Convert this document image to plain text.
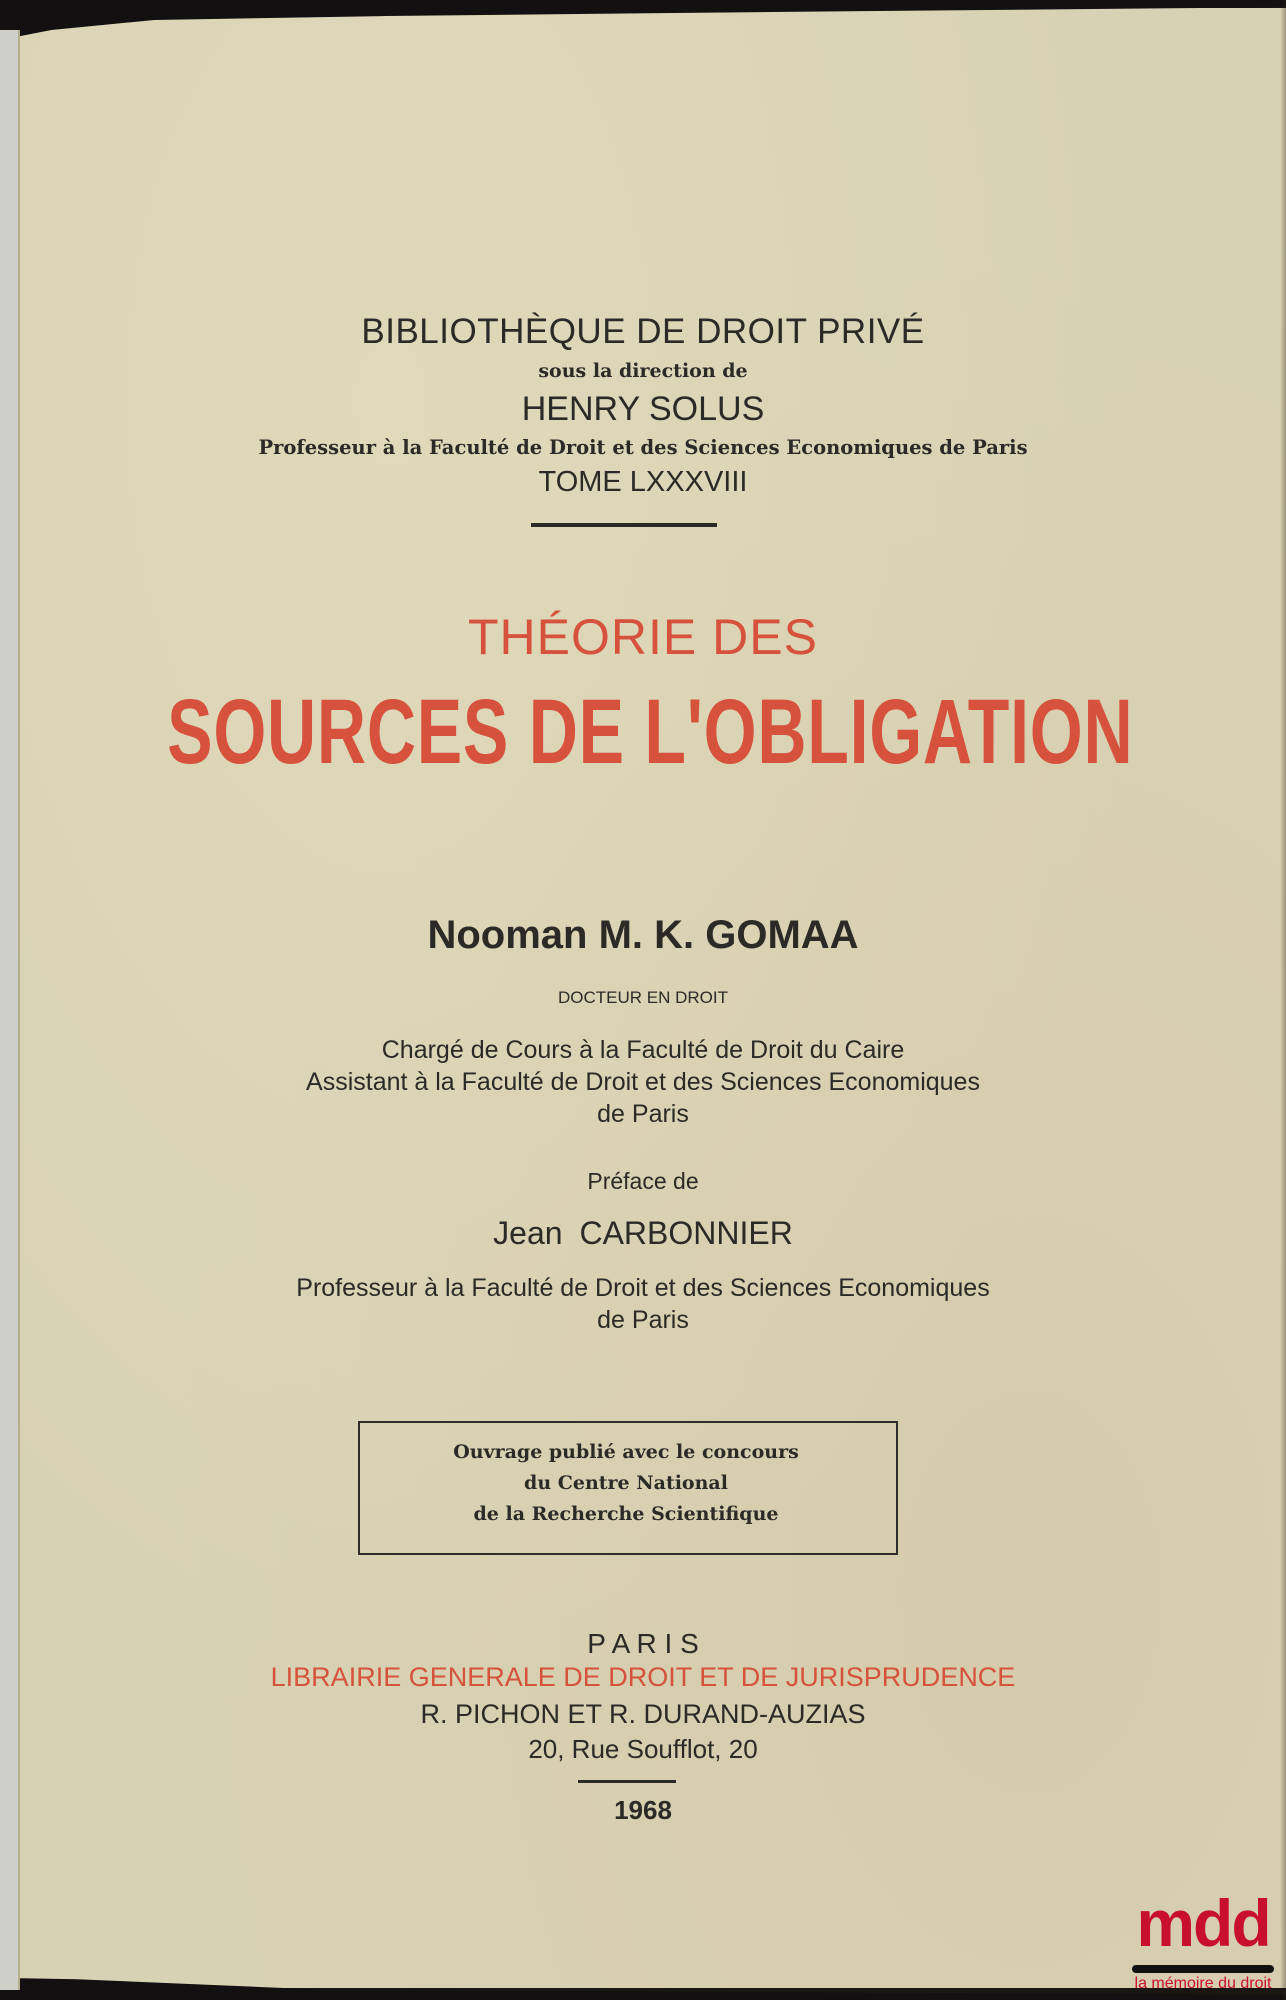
BIBLIOTHÈQUE DE DROIT PRIVÉ
sous la direction de
HENRY SOLUS
Professeur à la Faculté de Droit et des Sciences Economiques de Paris
TOME LXXXVIII
THÉORIE DES
SOURCES DE L'OBLIGATION
Nooman M. K. GOMAA
DOCTEUR EN DROIT
Chargé de Cours à la Faculté de Droit du Caire
Assistant à la Faculté de Droit et des Sciences Economiques
de Paris
Préface de
Jean CARBONNIER
Professeur à la Faculté de Droit et des Sciences Economiques
de Paris
Ouvrage publié avec le concours
du Centre National
de la Recherche Scientifique
P A R I S
LIBRAIRIE GENERALE DE DROIT ET DE JURISPRUDENCE
R. PICHON ET R. DURAND-AUZIAS
20, Rue Soufflot, 20
1968
mdd
la mémoire du droit
